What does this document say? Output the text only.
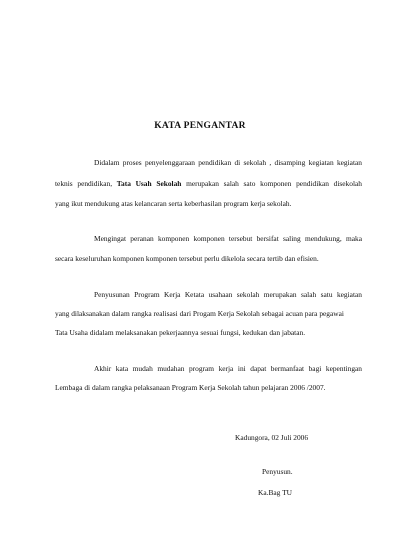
KATA PENGANTAR
Didalam proses penyelenggaraan pendidikan di sekolah , disamping kegiatan kegiatan
teknis pendidikan, Tata Usah Sekolah merupakan salah sato komponen pendidikan disekolah
yang ikut mendukung atas kelancaran serta keberhasilan program kerja sekolah.
Mengingat peranan komponen komponen tersebut bersifat saling mendukung, maka
secara keseluruhan komponen komponen tersebut perlu dikelola secara tertib dan efisien.
Penyusunan Program Kerja Ketata usahaan sekolah merupakan salah satu kegiatan
yang dilaksanakan dalam rangka realisasi dari Progam Kerja Sekolah sebagai acuan para pegawai
Tata Usaha didalam melaksanakan pekerjaannya sesuai fungsi, kedukan dan jabatan.
Akhir kata mudah mudahan program kerja ini dapat bermanfaat bagi kepentingan
Lembaga di dalam rangka pelaksanaan Program Kerja Sekolah tahun pelajaran 2006 /2007.
Kadungora, 02 Juli 2006
Penyusun.
Ka.Bag TU
